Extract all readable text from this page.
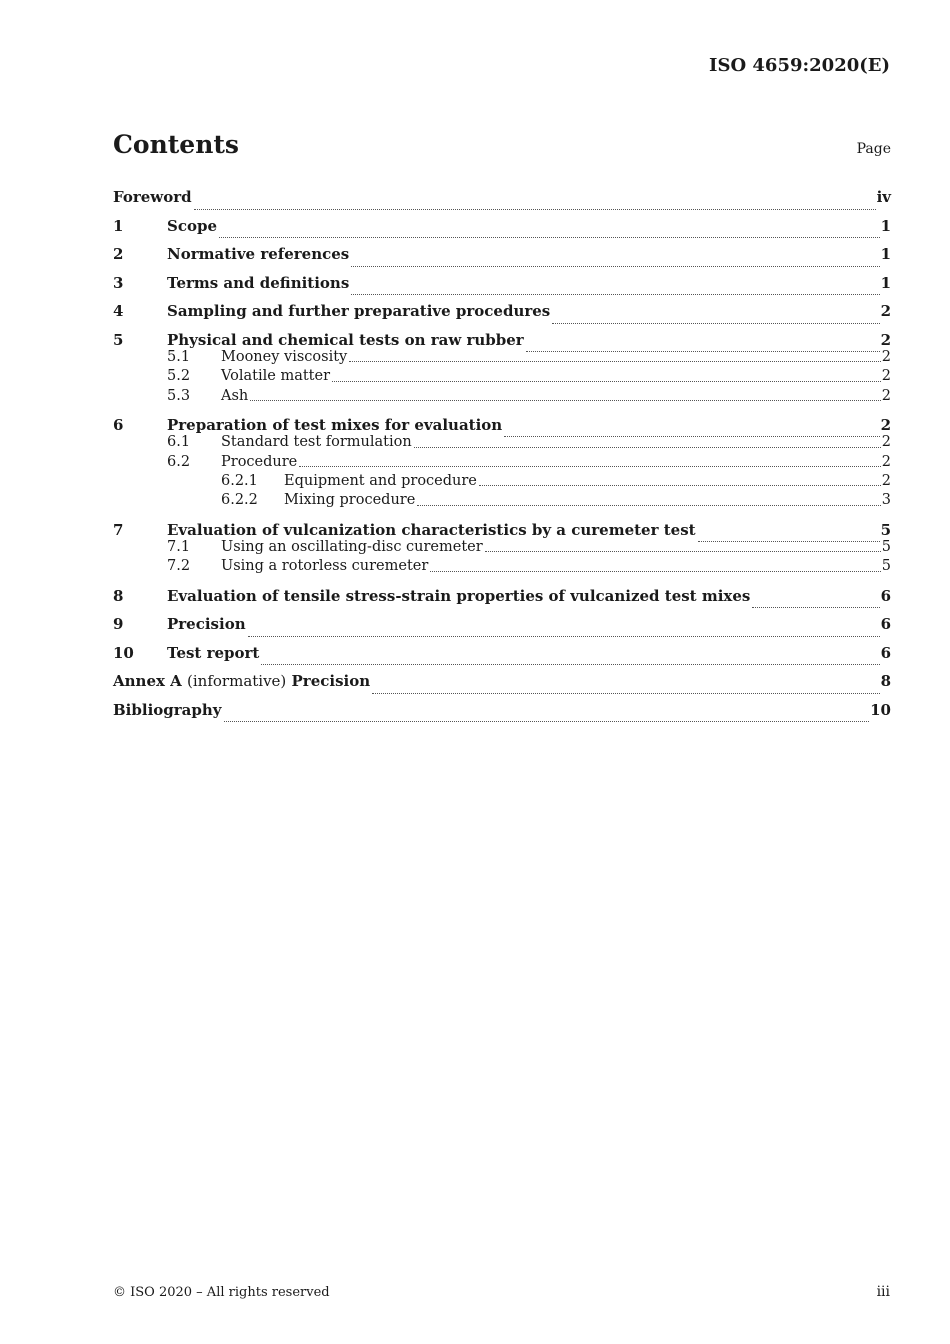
ISO 4659:2020(E)
Contents	Page
Foreword	iv
1	Scope	1
2	Normative references	1
3	Terms and definitions	1
4	Sampling and further preparative procedures	2
5	Physical and chemical tests on raw rubber	2
5.1	Mooney viscosity	2
5.2	Volatile matter	2
5.3	Ash	2
6	Preparation of test mixes for evaluation	2
6.1	Standard test formulation	2
6.2	Procedure	2
6.2.1	Equipment and procedure	2
6.2.2	Mixing procedure	3
7	Evaluation of vulcanization characteristics by a curemeter test	5
7.1	Using an oscillating-disc curemeter	5
7.2	Using a rotorless curemeter	5
8	Evaluation of tensile stress-strain properties of vulcanized test mixes	6
9	Precision	6
10	Test report	6
Annex A (informative) Precision	8
Bibliography	10
© ISO 2020 – All rights reserved	iii
